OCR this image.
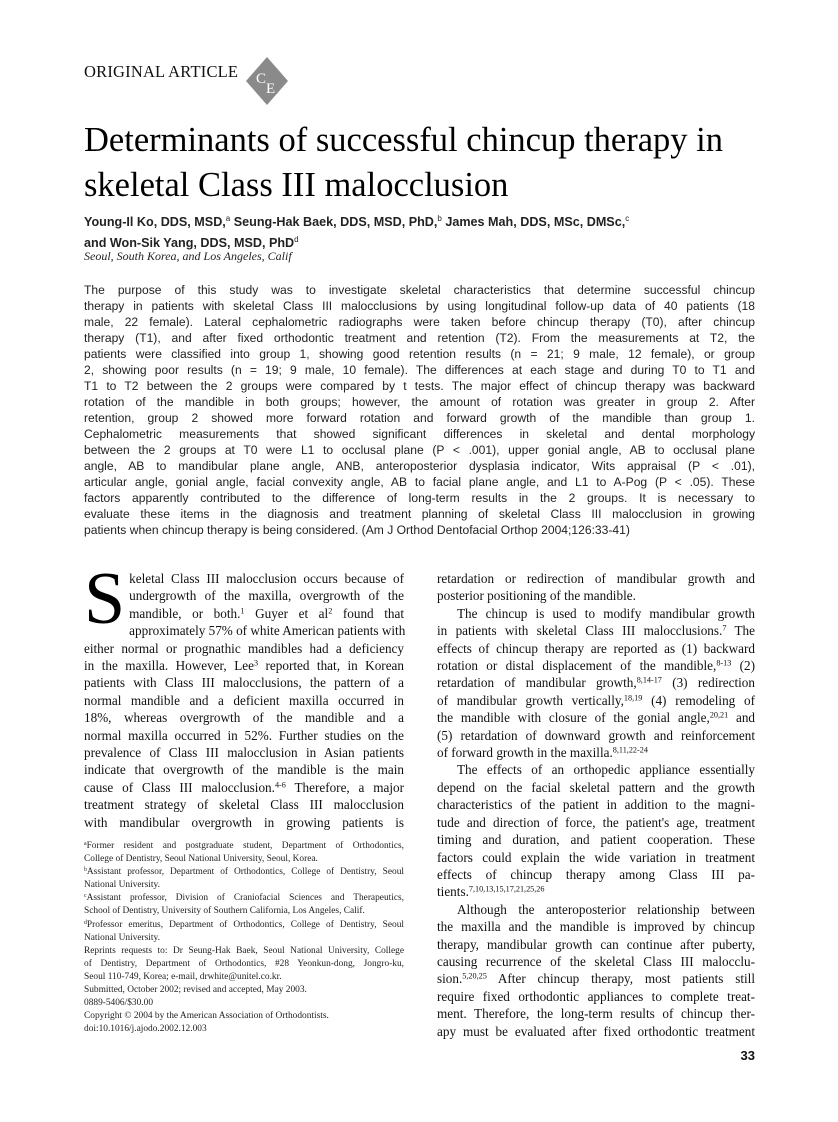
ORIGINAL ARTICLE C
E
Determinants of successful chincup therapy in
skeletal Class III malocclusion
Young-Il Ko, DDS, MSD,$^a$ Seung-Hak Baek, DDS, MSD, PhD,$^b$ James Mah, DDS, MSc, DMSc,$^c$
and Won-Sik Yang, DDS, MSD, PhD$^d$
Seoul, South Korea, and Los Angeles, Calif
The purpose of this study was to investigate skeletal characteristics that determine successful chincup
therapy in patients with skeletal Class III malocclusions by using longitudinal follow-up data of 40 patients (18
male, 22 female). Lateral cephalometric radiographs were taken before chincup therapy (T0), after chincup
therapy (T1), and after fixed orthodontic treatment and retention (T2). From the measurements at T2, the
patients were classified into group 1, showing good retention results (n = 21; 9 male, 12 female), or group
2, showing poor results (n = 19; 9 male, 10 female). The differences at each stage and during T0 to T1 and
T1 to T2 between the 2 groups were compared by t tests. The major effect of chincup therapy was backward
rotation of the mandible in both groups; however, the amount of rotation was greater in group 2. After
retention, group 2 showed more forward rotation and forward growth of the mandible than group 1.
Cephalometric measurements that showed significant differences in skeletal and dental morphology
between the 2 groups at T0 were L1 to occlusal plane (P < .001), upper gonial angle, AB to occlusal plane
angle, AB to mandibular plane angle, ANB, anteroposterior dysplasia indicator, Wits appraisal (P < .01),
articular angle, gonial angle, facial convexity angle, AB to facial plane angle, and L1 to A-Pog (P < .05). These
factors apparently contributed to the difference of long-term results in the 2 groups. It is necessary to
evaluate these items in the diagnosis and treatment planning of skeletal Class III malocclusion in growing
patients when chincup therapy is being considered. (Am J Orthod Dentofacial Orthop 2004;126:33-41)
S keletal Class III malocclusion occurs because of
undergrowth of the maxilla, overgrowth of the
mandible, or both.$^1$ Guyer et $al^2$ found that
approximately 57% of white American patients with
either normal or prognathic mandibles had a deficiency
in the maxilla. However, Lee$^3$ reported that, in Korean
patients with Class III malocclusions, the pattern of a
normal mandible and a deficient maxilla occurred in
18%, whereas overgrowth of the mandible and a
normal maxilla occurred in 52%. Further studies on the
prevalence of Class III malocclusion in Asian patients
indicate that overgrowth of the mandible is the main
cause of Class III malocclusion.$^{4-6}$ Therefore, a major
treatment strategy of skeletal Class III malocclusion
with mandibular overgrowth in growing patients is
retardation or redirection of mandibular growth and
posterior positioning of the mandible.
The chincup is used to modify mandibular growth
in patients with skeletal Class III malocclusions.$^7$ The
effects of chincup therapy are reported as (1) backward
rotation or distal displacement of the mandible,$^{8-13}$ (2)
retardation of mandibular growth,$^{8,14-17}$ (3) redirection
of mandibular growth vertically,$^{18,19}$ (4) remodeling of
the mandible with closure of the gonial angle,$^{20,21}$ and
(5) retardation of downward growth and reinforcement
of forward growth in the maxilla.$^{8,11,22-24}$
The effects of an orthopedic appliance essentially
depend on the facial skeletal pattern and the growth
characteristics of the patient in addition to the magni-
tude and direction of force, the patient's age, treatment
timing and duration, and patient cooperation. These
factors could explain the wide variation in treatment
effects of chincup therapy among Class III pa-
tients.$^{7,10,13,15,17,21,25,26}$
Although the anteroposterior relationship between
the maxilla and the mandible is improved by chincup
therapy, mandibular growth can continue after puberty,
causing recurrence of the skeletal Class III malocclu-
sion.$^{5,20,25}$ After chincup therapy, most patients still
require fixed orthodontic appliances to complete treat-
ment. Therefore, the long-term results of chincup ther-
apy must be evaluated after fixed orthodontic treatment
$^a$Former resident and postgraduate student, Department of Orthodontics,
College of Dentistry, Seoul National University, Seoul, Korea.
$^b$Assistant professor, Department of Orthodontics, College of Dentistry, Seoul
National University.
$^c$Assistant professor, Division of Craniofacial Sciences and Therapeutics,
School of Dentistry, University of Southern California, Los Angeles, Calif.
$^d$Professor emeritus, Department of Orthodontics, College of Dentistry, Seoul
National University.
Reprints requests to: Dr Seung-Hak Baek, Seoul National University, College
of Dentistry, Department of Orthodontics, #28 Yeonkun-dong, Jongro-ku,
Seoul 110-749, Korea; e-mail, drwhite@unitel.co.kr.
Submitted, October 2002; revised and accepted, May 2003.
0889-5406/$30.00
Copyright © 2004 by the American Association of Orthodontists.
doi:10.1016/j.ajodo.2002.12.003
33
